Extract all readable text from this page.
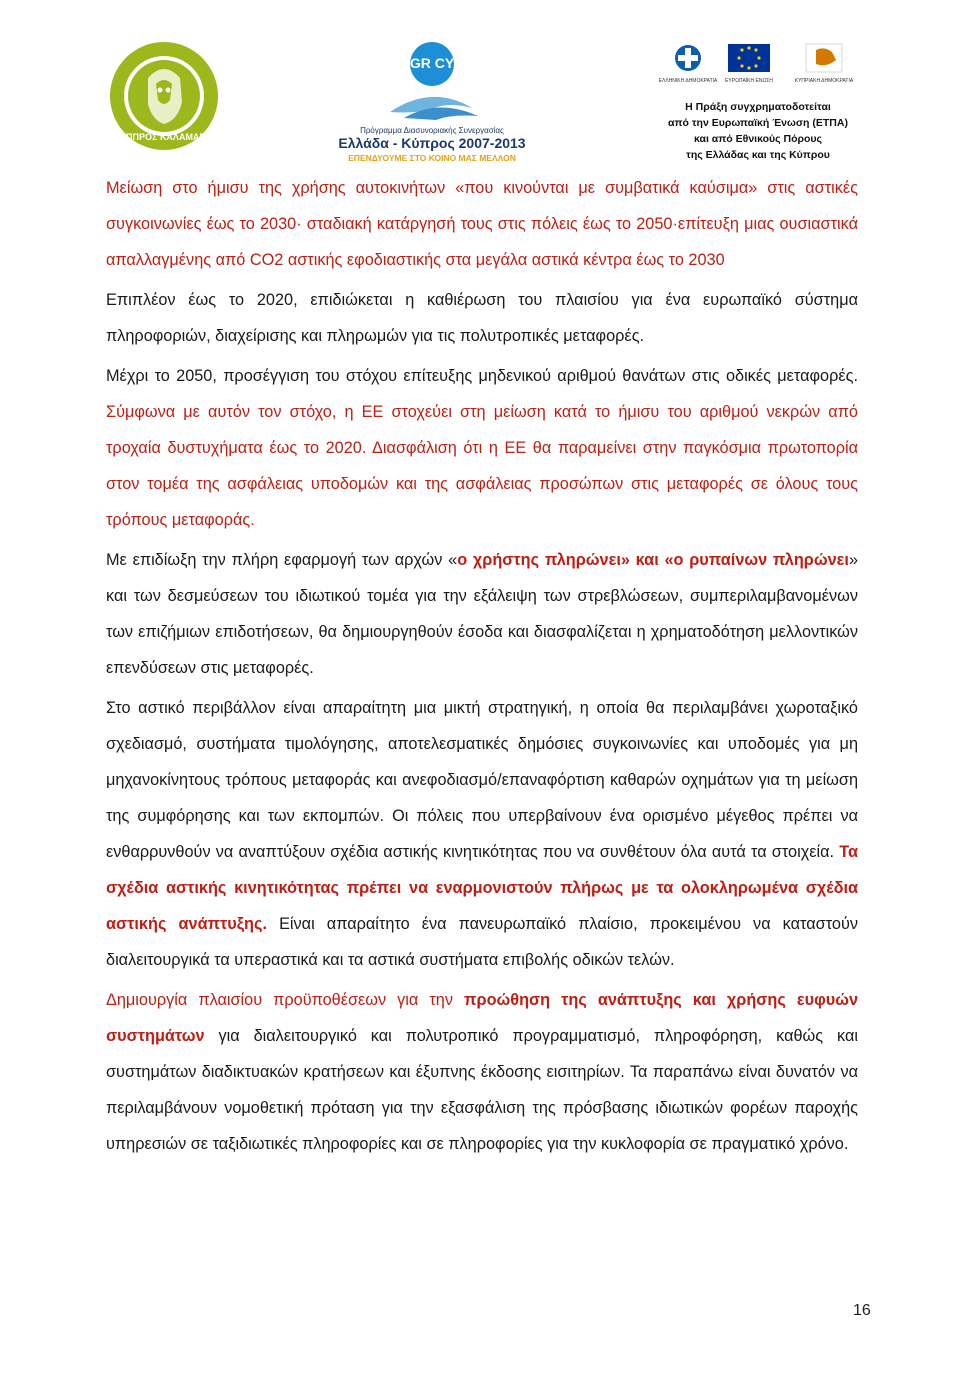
ΛΑΠΠΡΟΣ ΚΑΛΑΜΑΡΙΑ
GR CY
Πρόγραμμα Διασυνοριακής Συνεργασίας
Ελλάδα - Κύπρος 2007-2013
ΕΠΕΝΔΥΟΥΜΕ ΣΤΟ ΚΟΙΝΟ ΜΑΣ ΜΕΛΛΟΝ
ΕΛΛΗΝΙΚΗ ΔΗΜΟΚΡΑΤΙΑ ΕΥΡΩΠΑΪΚΗ ΕΝΩΣΗ	ΚΥΠΡΙΑΚΗ ΔΗΜΟΚΡΑΤΙΑ
Η Πράξη συγχρηματοδοτείται
από την Ευρωπαϊκή Ένωση (ΕΤΠΑ)
και από Εθνικούς Πόρους
της Ελλάδας και της Κύπρου

Μείωση στο ήμισυ της χρήσης αυτοκινήτων «που κινούνται με συμβατικά καύσιμα» στις αστικές συγκοινωνίες έως το 2030· σταδιακή κατάργησή τους στις πόλεις έως το 2050·επίτευξη μιας ουσιαστικά απαλλαγμένης από CO2 αστικής εφοδιαστικής στα μεγάλα αστικά κέντρα έως το 2030

Επιπλέον έως το 2020, επιδιώκεται η καθιέρωση του πλαισίου για ένα ευρωπαϊκό σύστημα πληροφοριών, διαχείρισης και πληρωμών για τις πολυτροπικές μεταφορές.

Μέχρι το 2050, προσέγγιση του στόχου επίτευξης μηδενικού αριθμού θανάτων στις οδικές μεταφορές. Σύμφωνα με αυτόν τον στόχο, η ΕΕ στοχεύει στη μείωση κατά το ήμισυ του αριθμού νεκρών από τροχαία δυστυχήματα έως το 2020. Διασφάλιση ότι η ΕΕ θα παραμείνει στην παγκόσμια πρωτοπορία στον τομέα της ασφάλειας υποδομών και της ασφάλειας προσώπων στις μεταφορές σε όλους τους τρόπους μεταφοράς.

Με επιδίωξη την πλήρη εφαρμογή των αρχών «ο χρήστης πληρώνει» και «ο ρυπαίνων πληρώνει» και των δεσμεύσεων του ιδιωτικού τομέα για την εξάλειψη των στρεβλώσεων, συμπεριλαμβανομένων των επιζήμιων επιδοτήσεων, θα δημιουργηθούν έσοδα και διασφαλίζεται η χρηματοδότηση μελλοντικών επενδύσεων στις μεταφορές.

Στο αστικό περιβάλλον είναι απαραίτητη μια μικτή στρατηγική, η οποία θα περιλαμβάνει χωροταξικό σχεδιασμό, συστήματα τιμολόγησης, αποτελεσματικές δημόσιες συγκοινωνίες και υποδομές για μη μηχανοκίνητους τρόπους μεταφοράς και ανεφοδιασμό/επαναφόρτιση καθαρών οχημάτων για τη μείωση της συμφόρησης και των εκπομπών. Οι πόλεις που υπερβαίνουν ένα ορισμένο μέγεθος πρέπει να ενθαρρυνθούν να αναπτύξουν σχέδια αστικής κινητικότητας που να συνθέτουν όλα αυτά τα στοιχεία. Τα σχέδια αστικής κινητικότητας πρέπει να εναρμονιστούν πλήρως με τα ολοκληρωμένα σχέδια αστικής ανάπτυξης. Είναι απαραίτητο ένα πανευρωπαϊκό πλαίσιο, προκειμένου να καταστούν διαλειτουργικά τα υπεραστικά και τα αστικά συστήματα επιβολής οδικών τελών.

Δημιουργία πλαισίου προϋποθέσεων για την προώθηση της ανάπτυξης και χρήσης ευφυών συστημάτων για διαλειτουργικό και πολυτροπικό προγραμματισμό, πληροφόρηση, καθώς και συστημάτων διαδικτυακών κρατήσεων και έξυπνης έκδοσης εισιτηρίων. Τα παραπάνω είναι δυνατόν να περιλαμβάνουν νομοθετική πρόταση για την εξασφάλιση της πρόσβασης ιδιωτικών φορέων παροχής υπηρεσιών σε ταξιδιωτικές πληροφορίες και σε πληροφορίες για την κυκλοφορία σε πραγματικό χρόνο.

16
